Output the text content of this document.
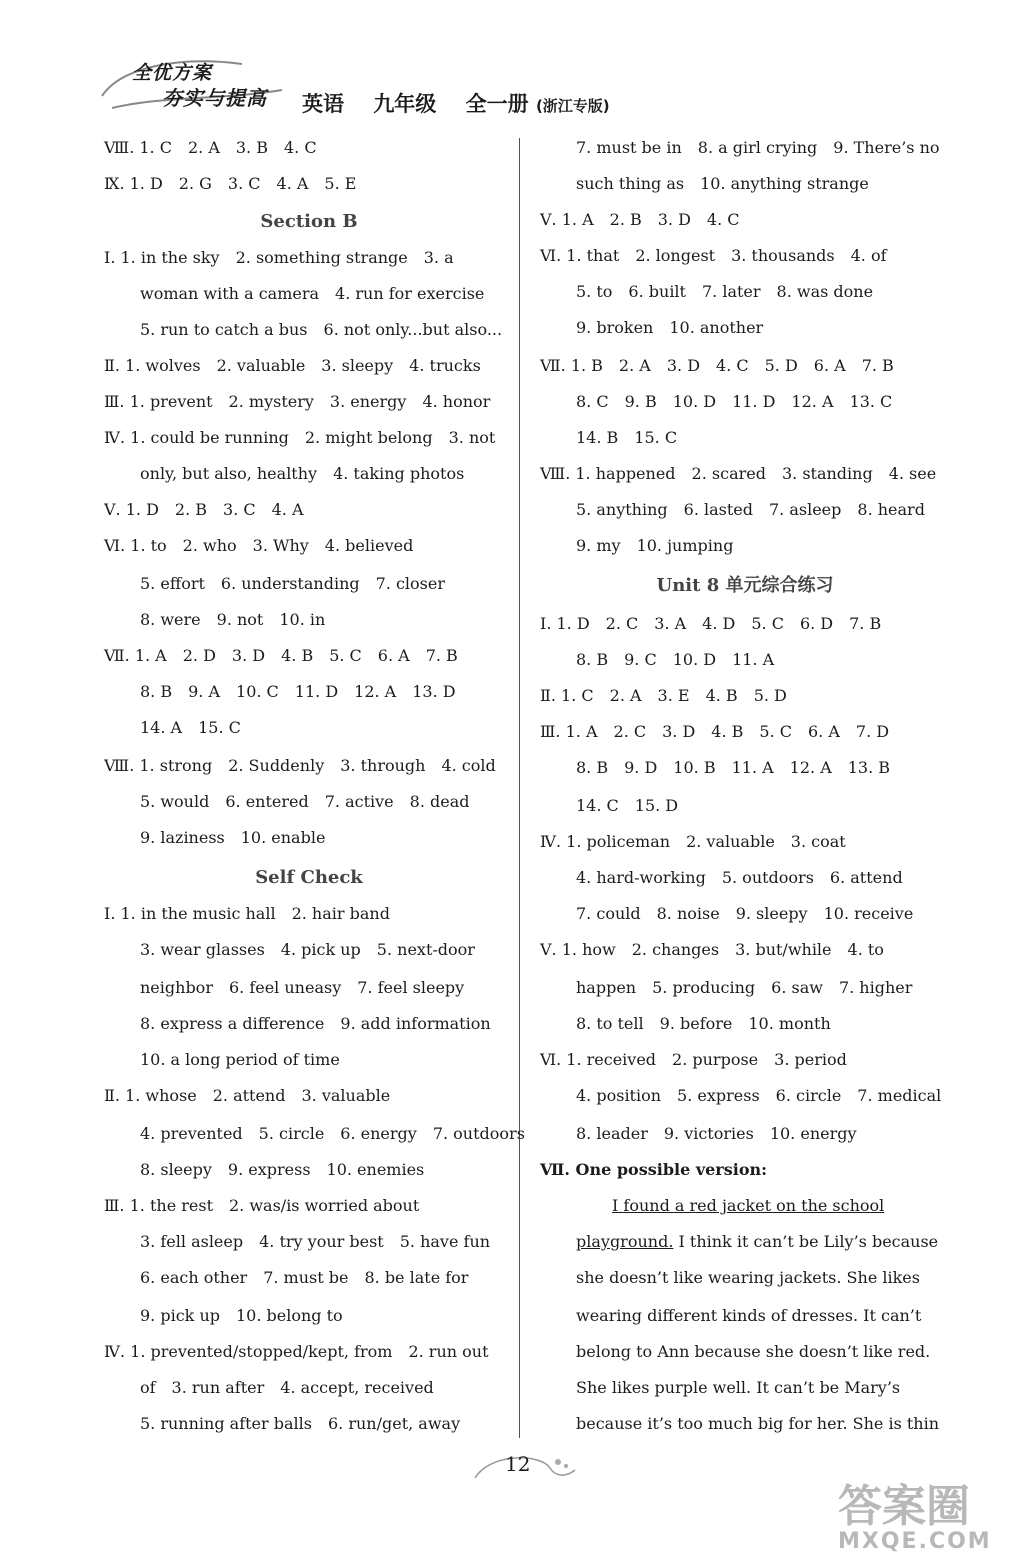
全优方案
夯实与提高 英语 九年级 全一册 (浙江专版)
Ⅷ. 1. C　2. A　3. B　4. C
Ⅸ. 1. D　2. G　3. C　4. A　5. E
Section B
Ⅰ. 1. in the sky　2. something strange　3. a
woman with a camera　4. run for exercise
5. run to catch a bus　6. not only...but also...
Ⅱ. 1. wolves　2. valuable　3. sleepy　4. trucks
Ⅲ. 1. prevent　2. mystery　3. energy　4. honor
Ⅳ. 1. could be running　2. might belong　3. not
only, but also, healthy　4. taking photos
Ⅴ. 1. D　2. B　3. C　4. A
Ⅵ. 1. to　2. who　3. Why　4. believed
5. effort　6. understanding　7. closer
8. were　9. not　10. in
Ⅶ. 1. A　2. D　3. D　4. B　5. C　6. A　7. B
8. B　9. A　10. C　11. D　12. A　13. D
14. A　15. C
Ⅷ. 1. strong　2. Suddenly　3. through　4. cold
5. would　6. entered　7. active　8. dead
9. laziness　10. enable
Self Check
Ⅰ. 1. in the music hall　2. hair band
3. wear glasses　4. pick up　5. next-door
neighbor　6. feel uneasy　7. feel sleepy
8. express a difference　9. add information
10. a long period of time
Ⅱ. 1. whose　2. attend　3. valuable
4. prevented　5. circle　6. energy　7. outdoors
8. sleepy　9. express　10. enemies
Ⅲ. 1. the rest　2. was/is worried about
3. fell asleep　4. try your best　5. have fun
6. each other　7. must be　8. be late for
9. pick up　10. belong to
Ⅳ. 1. prevented/stopped/kept, from　2. run out
of　3. run after　4. accept, received
5. running after balls　6. run/get, away
7. must be in　8. a girl crying　9. There’s no
such thing as　10. anything strange
Ⅴ. 1. A　2. B　3. D　4. C
Ⅵ. 1. that　2. longest　3. thousands　4. of
5. to　6. built　7. later　8. was done
9. broken　10. another
Ⅶ. 1. B　2. A　3. D　4. C　5. D　6. A　7. B
8. C　9. B　10. D　11. D　12. A　13. C
14. B　15. C
Ⅷ. 1. happened　2. scared　3. standing　4. see
5. anything　6. lasted　7. asleep　8. heard
9. my　10. jumping
Unit 8 单元综合练习
Ⅰ. 1. D　2. C　3. A　4. D　5. C　6. D　7. B
8. B　9. C　10. D　11. A
Ⅱ. 1. C　2. A　3. E　4. B　5. D
Ⅲ. 1. A　2. C　3. D　4. B　5. C　6. A　7. D
8. B　9. D　10. B　11. A　12. A　13. B
14. C　15. D
Ⅳ. 1. policeman　2. valuable　3. coat
4. hard-working　5. outdoors　6. attend
7. could　8. noise　9. sleepy　10. receive
Ⅴ. 1. how　2. changes　3. but/while　4. to
happen　5. producing　6. saw　7. higher
8. to tell　9. before　10. month
Ⅵ. 1. received　2. purpose　3. period
4. position　5. express　6. circle　7. medical
8. leader　9. victories　10. energy
Ⅶ. One possible version:
I found a red jacket on the school
playground. I think it can’t be Lily’s because
she doesn’t like wearing jackets. She likes
wearing different kinds of dresses. It can’t
belong to Ann because she doesn’t like red.
She likes purple well. It can’t be Mary’s
because it’s too much big for her. She is thin
12
答案圈
MXQE.COM
